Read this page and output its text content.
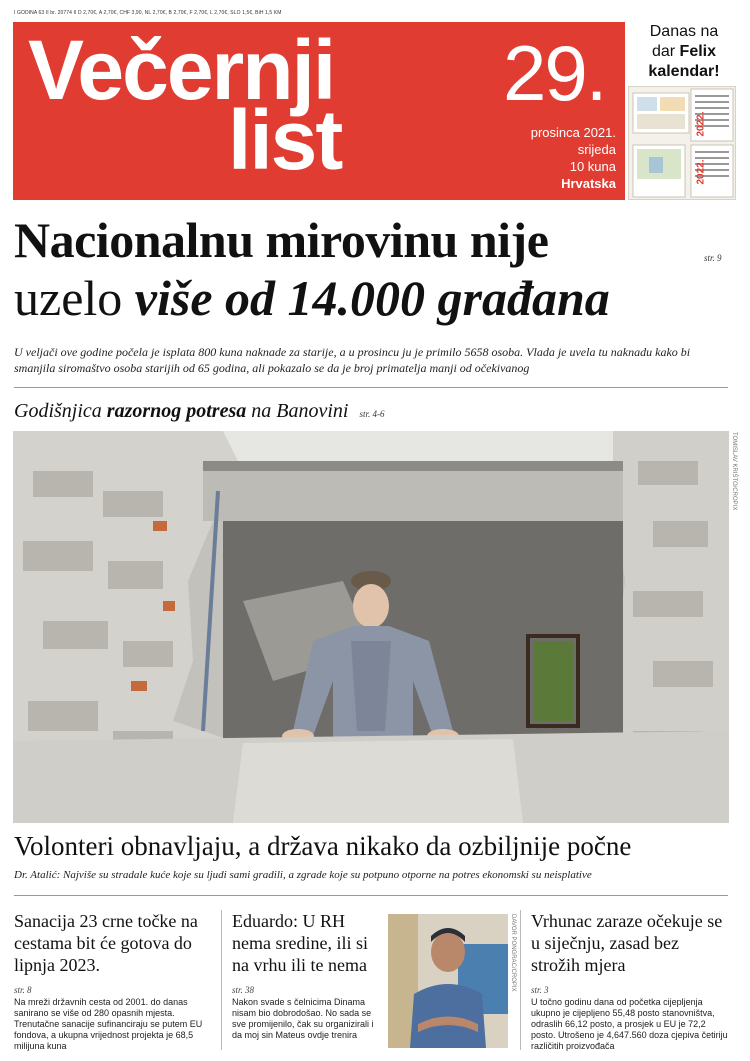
I GODINA 63 II br. 20774 II D 2,70€, A 2,70€, CHF 3,90, NL 2,70€, B 2,70€, F 2,70€, L 2,70€, SLO 1,5€, BiH 1,5 KM
Večernji
list
29.
prosinca 2021.
srijeda
10 kuna
Hrvatska
Danas na
dar Felix
kalendar!
2022.
2022.
Nacionalnu mirovinu nije
uzelo više od 14.000 građana
str. 9
U veljači ove godine počela je isplata 800 kuna naknade za starije, a u prosincu ju je primilo 5658 osoba. Vlada je uvela tu naknadu kako bi smanjila siromaštvo osoba starijih od 65 godina, ali pokazalo se da je broj primatelja manji od očekivanog
Godišnjica razornog potresa na Banovini str. 4-6
TOMISLAV KRIŠTO/CROPIX
Volonteri obnavljaju, a država nikako da ozbiljnije počne
Dr. Atalić: Najviše su stradale kuće koje su ljudi sami gradili, a zgrade koje su potpuno otporne na potres ekonomski su neisplative
Sanacija 23 crne točke na cestama bit će gotova do lipnja 2023.
str. 8
Na mreži državnih cesta od 2001. do danas sanirano se više od 280 opasnih mjesta. Trenutačne sanacije sufinanciraju se putem EU fondova, a ukupna vrijednost projekta je 68,5 milijuna kuna
Eduardo: U RH nema sredine, ili si na vrhu ili te nema
str. 38
Nakon svade s čelnicima Dinama nisam bio dobrodošao. No sada se sve promijenilo, čak su organizirali i da moj sin Mateus ovdje trenira
DAVOR PONGRAC/CROPIX Vrhunac zaraze očekuje se u siječnju, zasad bez strožih mjera
str. 3
U točno godinu dana od početka cijepljenja ukupno je cijepljeno 55,48 posto stanovništva, odraslih 66,12 posto, a prosjek u EU je 72,2 posto. Utrošeno je 4,647.560 doza cjepiva četiriju različitih proizvođača
